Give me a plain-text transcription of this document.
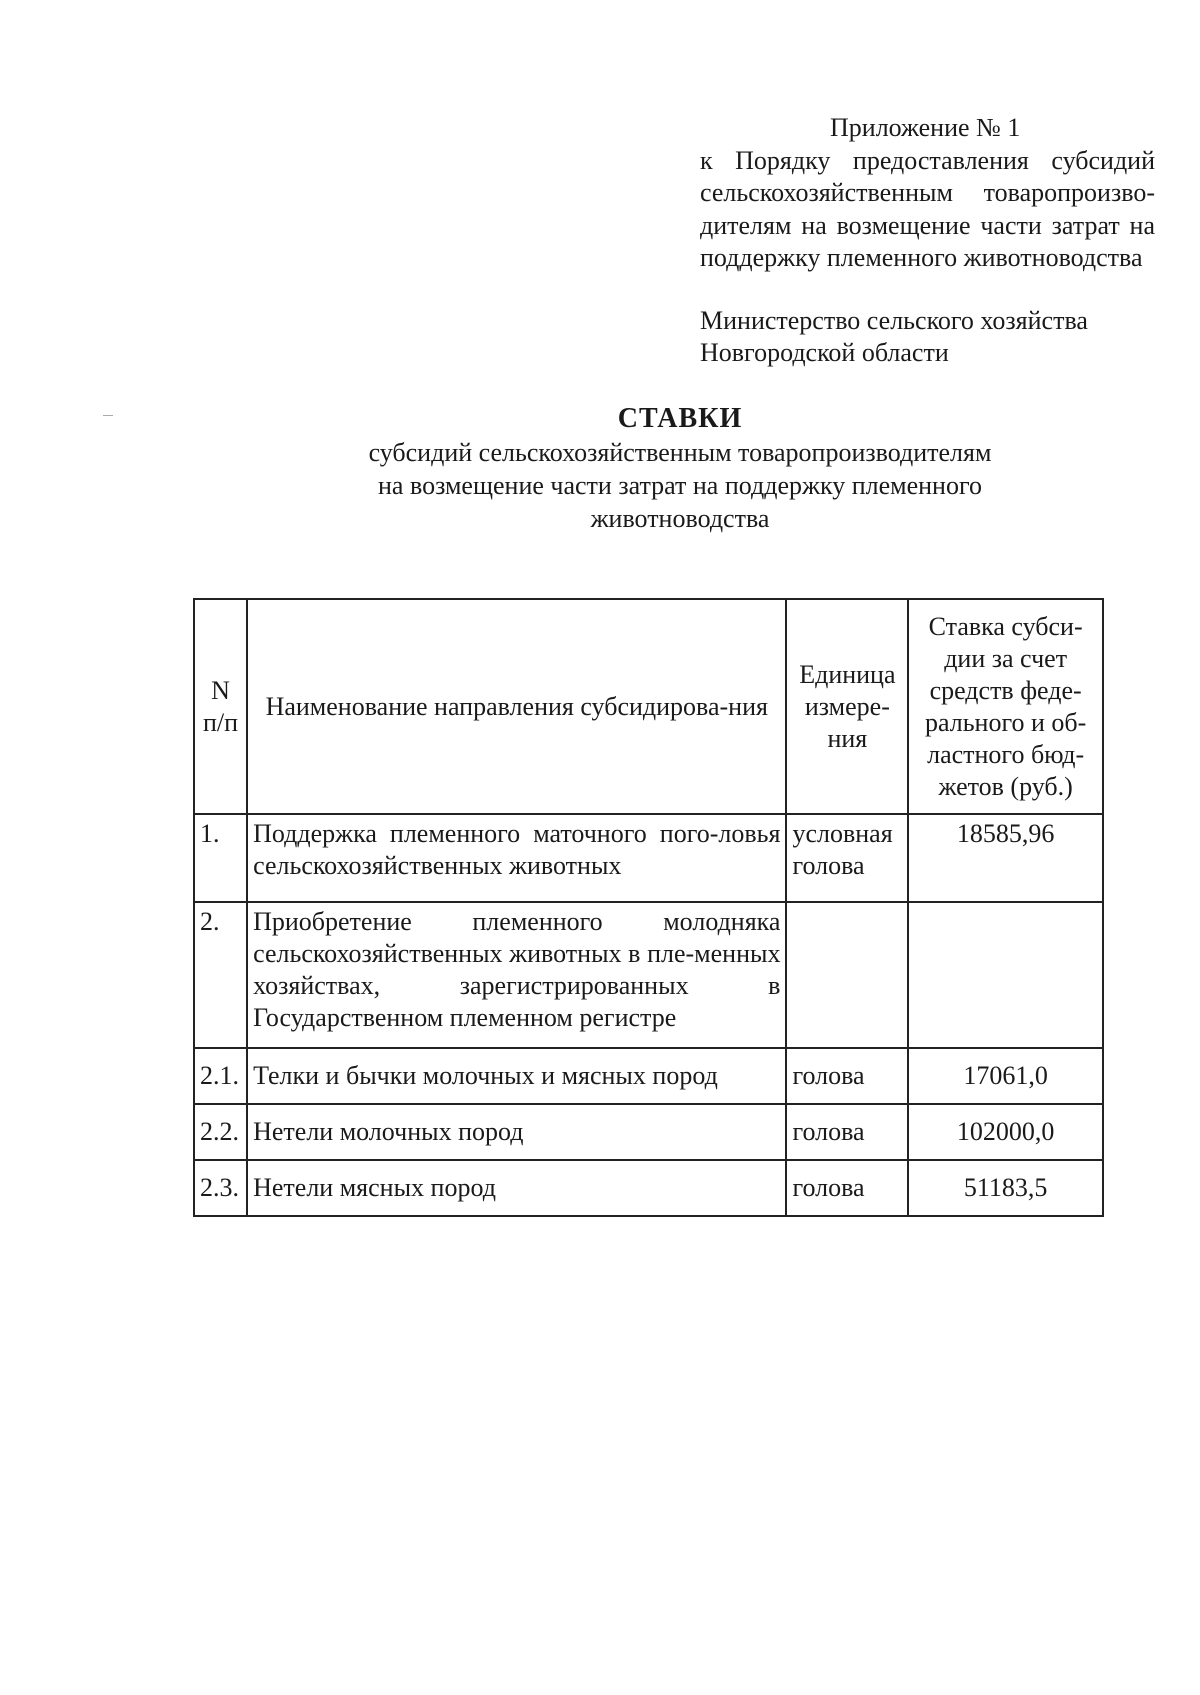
Приложение № 1
к Порядку предоставления субсидий
сельскохозяйственным товаропроизво-
дителям на возмещение части затрат на
поддержку племенного животноводства
Министерство сельского хозяйства
Новгородской области
СТАВКИ
субсидий сельскохозяйственным товаропроизводителям
на возмещение части затрат на поддержку племенного
животноводства
N п/п	Наименование направления субсидирова-ния	Единица измере-ния	Ставка субси-дии за счет средств феде-рального и об-ластного бюд-жетов (руб.)
1.	Поддержка племенного маточного пого-ловья сельскохозяйственных животных	условная голова	18585,96
2.	Приобретение племенного молодняка сельскохозяйственных животных в пле-менных хозяйствах, зарегистрированных в Государственном племенном регистре		
2.1.	Телки и бычки молочных и мясных пород	голова	17061,0
2.2.	Нетели молочных пород	голова	102000,0
2.3.	Нетели мясных пород	голова	51183,5
